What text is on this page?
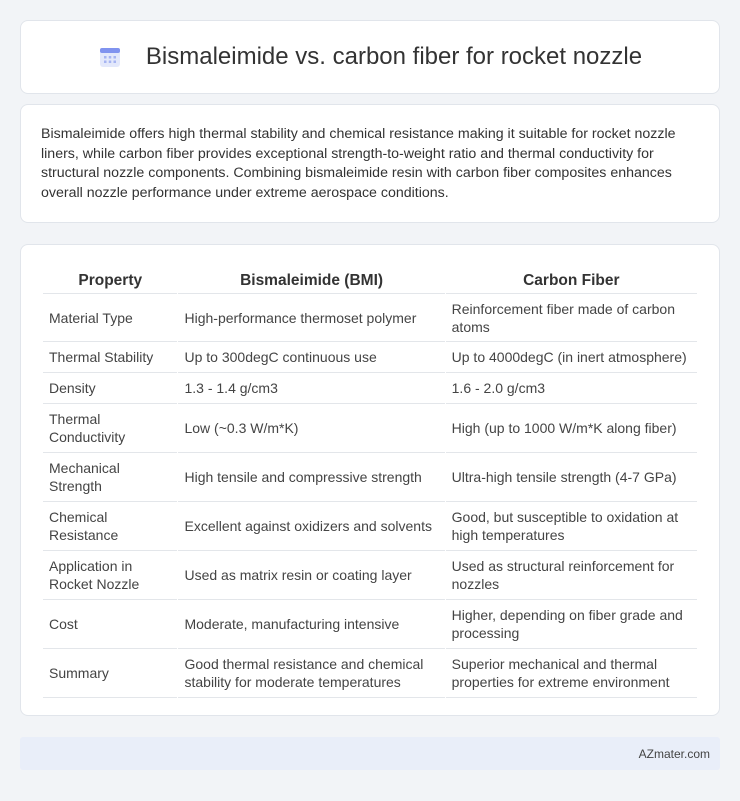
Bismaleimide vs. carbon fiber for rocket nozzle

Bismaleimide offers high thermal stability and chemical resistance making it suitable for rocket nozzle liners, while carbon fiber provides exceptional strength-to-weight ratio and thermal conductivity for structural nozzle components. Combining bismaleimide resin with carbon fiber composites enhances overall nozzle performance under extreme aerospace conditions.

Property	Bismaleimide (BMI)	Carbon Fiber
Material Type	High-performance thermoset polymer	Reinforcement fiber made of carbon atoms
Thermal Stability	Up to 300degC continuous use	Up to 4000degC (in inert atmosphere)
Density	1.3 - 1.4 g/cm3	1.6 - 2.0 g/cm3
Thermal Conductivity	Low (~0.3 W/m*K)	High (up to 1000 W/m*K along fiber)
Mechanical Strength	High tensile and compressive strength	Ultra-high tensile strength (4-7 GPa)
Chemical Resistance	Excellent against oxidizers and solvents	Good, but susceptible to oxidation at high temperatures
Application in Rocket Nozzle	Used as matrix resin or coating layer	Used as structural reinforcement for nozzles
Cost	Moderate, manufacturing intensive	Higher, depending on fiber grade and processing
Summary	Good thermal resistance and chemical stability for moderate temperatures	Superior mechanical and thermal properties for extreme environment
AZmater.com
